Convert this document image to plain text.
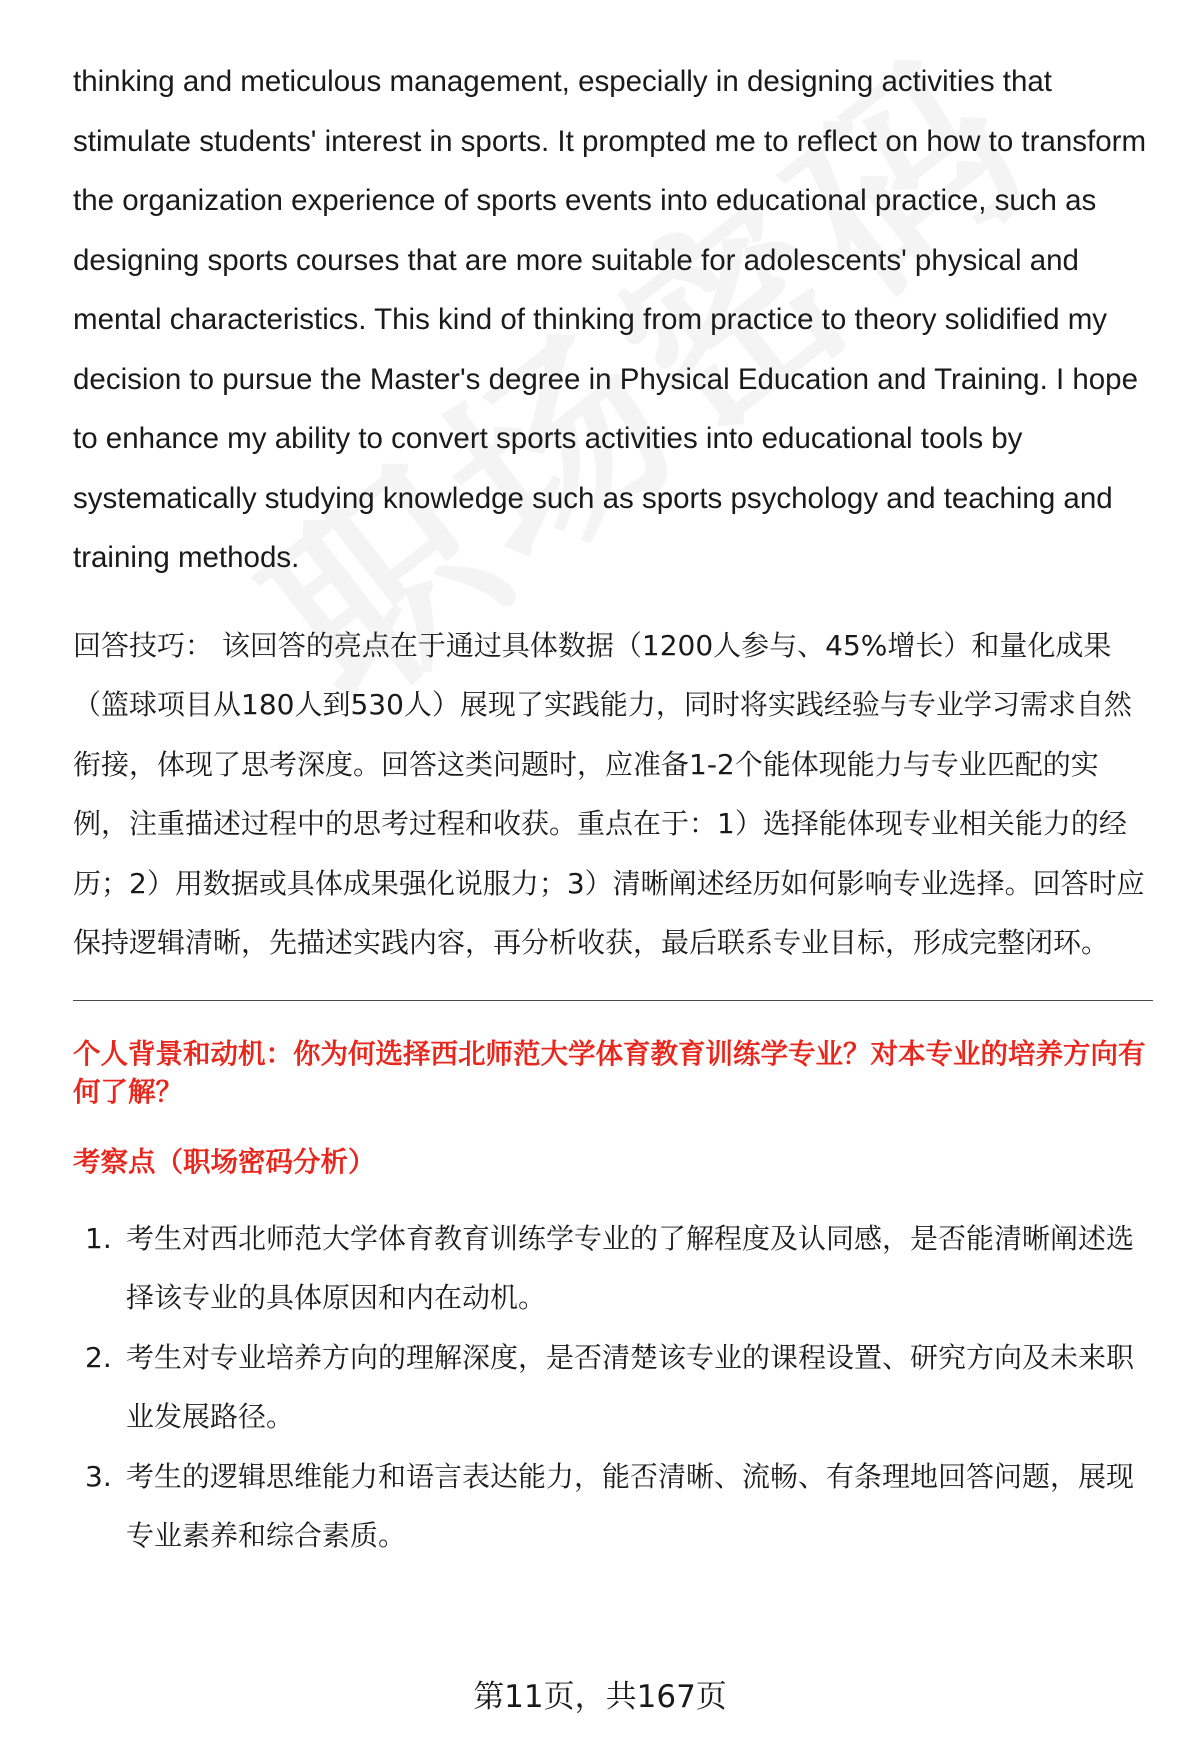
thinking and meticulous management, especially in designing activities that stimulate students' interest in sports. It prompted me to reflect on how to transform the organization experience of sports events into educational practice, such as designing sports courses that are more suitable for adolescents' physical and mental characteristics. This kind of thinking from practice to theory solidified my decision to pursue the Master's degree in Physical Education and Training. I hope to enhance my ability to convert sports activities into educational tools by systematically studying knowledge such as sports psychology and teaching and training methods.

回答技巧： 该回答的亮点在于通过具体数据（1200人参与、45%增长）和量化成果（篮球项目从180人到530人）展现了实践能力，同时将实践经验与专业学习需求自然衔接，体现了思考深度。回答这类问题时，应准备1-2个能体现能力与专业匹配的实例，注重描述过程中的思考过程和收获。重点在于：1）选择能体现专业相关能力的经历；2）用数据或具体成果强化说服力；3）清晰阐述经历如何影响专业选择。回答时应保持逻辑清晰，先描述实践内容，再分析收获，最后联系专业目标，形成完整闭环。

个人背景和动机：你为何选择西北师范大学体育教育训练学专业？对本专业的培养方向有何了解？

考察点（职场密码分析）

1. 考生对西北师范大学体育教育训练学专业的了解程度及认同感，是否能清晰阐述选择该专业的具体原因和内在动机。
2. 考生对专业培养方向的理解深度，是否清楚该专业的课程设置、研究方向及未来职业发展路径。
3. 考生的逻辑思维能力和语言表达能力，能否清晰、流畅、有条理地回答问题，展现专业素养和综合素质。
第11页，共167页
